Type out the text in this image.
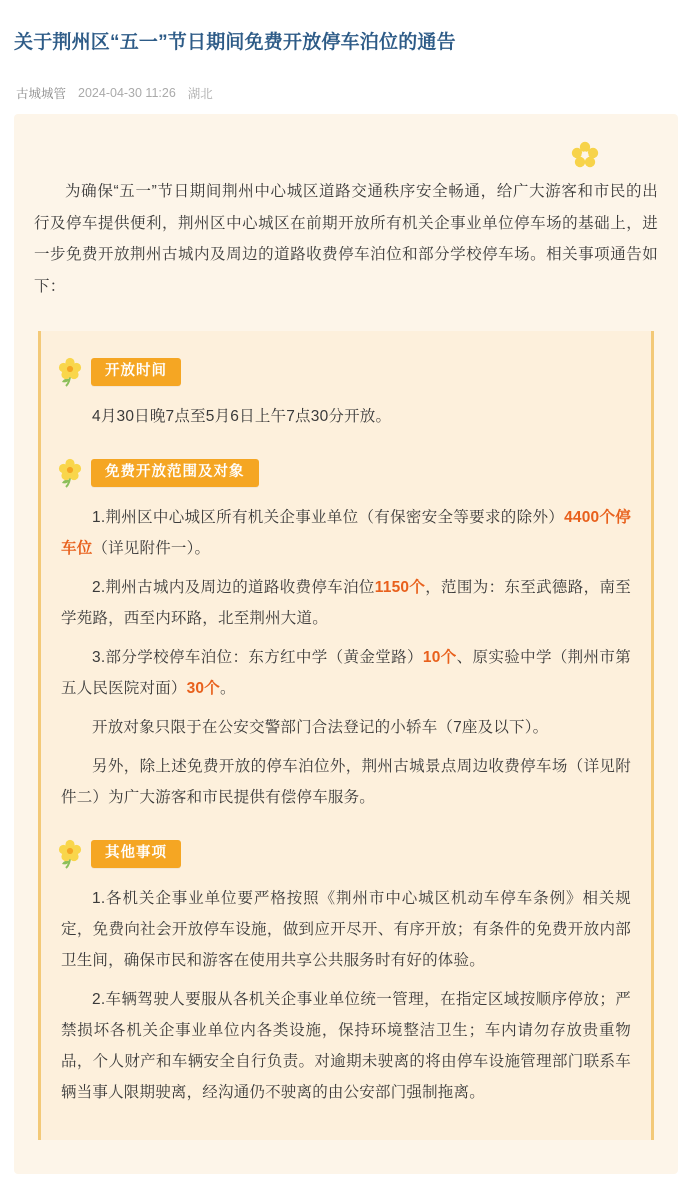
关于荆州区“五一”节日期间免费开放停车泊位的通告
古城城管 2024-04-30 11:26 湖北

为确保“五一”节日期间荆州中心城区道路交通秩序安全畅通，给广大游客和市民的出行及停车提供便利，荆州区中心城区在前期开放所有机关企事业单位停车场的基础上，进一步免费开放荆州古城内及周边的道路收费停车泊位和部分学校停车场。相关事项通告如下：

开放时间

4月30日晚7点至5月6日上午7点30分开放。

免费开放范围及对象

1.荆州区中心城区所有机关企事业单位（有保密安全等要求的除外）4400个停车位（详见附件一）。

2.荆州古城内及周边的道路收费停车泊位1150个，范围为：东至武德路，南至学苑路，西至内环路，北至荆州大道。

3.部分学校停车泊位：东方红中学（黄金堂路）10个、原实验中学（荆州市第五人民医院对面）30个。

开放对象只限于在公安交警部门合法登记的小轿车（7座及以下）。

另外，除上述免费开放的停车泊位外，荆州古城景点周边收费停车场（详见附件二）为广大游客和市民提供有偿停车服务。

其他事项

1.各机关企事业单位要严格按照《荆州市中心城区机动车停车条例》相关规定，免费向社会开放停车设施，做到应开尽开、有序开放；有条件的免费开放内部卫生间，确保市民和游客在使用共享公共服务时有好的体验。

2.车辆驾驶人要服从各机关企事业单位统一管理，在指定区域按顺序停放；严禁损坏各机关企事业单位内各类设施，保持环境整洁卫生；车内请勿存放贵重物品，个人财产和车辆安全自行负责。对逾期未驶离的将由停车设施管理部门联系车辆当事人限期驶离，经沟通仍不驶离的由公安部门强制拖离。
